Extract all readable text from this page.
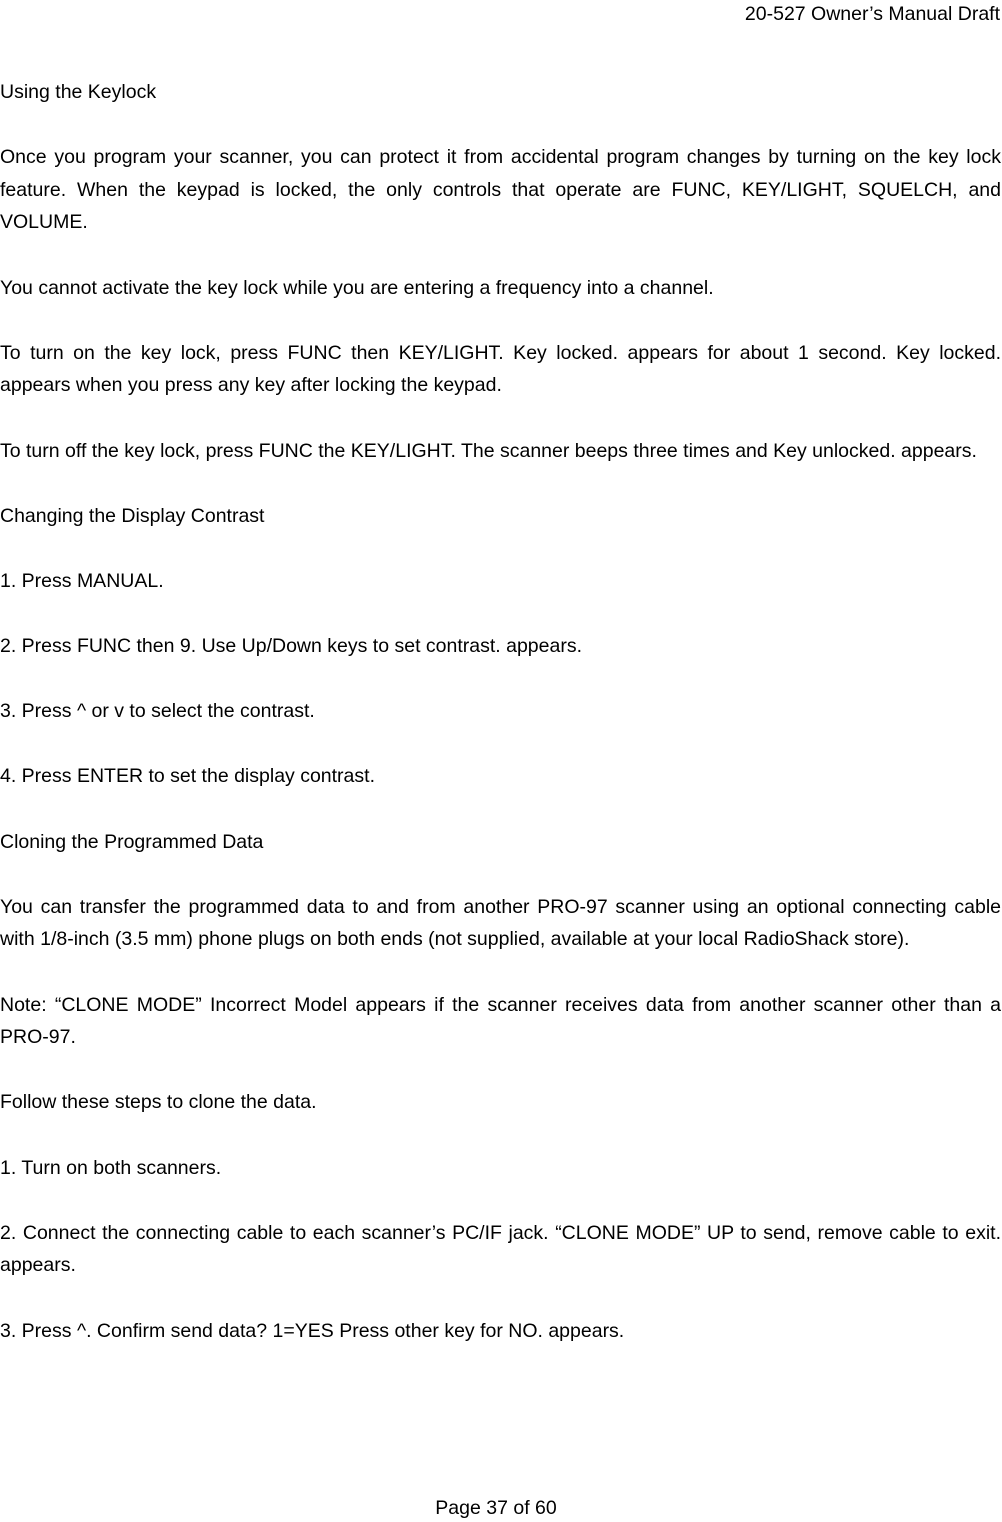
20-527 Owner’s Manual Draft
Using the Keylock

Once you program your scanner, you can protect it from accidental program changes by turning on the key lock feature. When the keypad is locked, the only controls that operate are FUNC, KEY/LIGHT, SQUELCH, and VOLUME.

You cannot activate the key lock while you are entering a frequency into a channel.

To turn on the key lock, press FUNC then KEY/LIGHT. Key locked. appears for about 1 second. Key locked. appears when you press any key after locking the keypad.

To turn off the key lock, press FUNC the KEY/LIGHT. The scanner beeps three times and Key unlocked. appears.

Changing the Display Contrast

1. Press MANUAL.

2. Press FUNC then 9. Use Up/Down keys to set contrast. appears.

3. Press ^ or v to select the contrast.

4. Press ENTER to set the display contrast.

Cloning the Programmed Data

You can transfer the programmed data to and from another PRO-97 scanner using an optional connecting cable with 1/8-inch (3.5 mm) phone plugs on both ends (not supplied, available at your local RadioShack store).

Note: “CLONE MODE” Incorrect Model appears if the scanner receives data from another scanner other than a PRO-97.

Follow these steps to clone the data.

1. Turn on both scanners.

2. Connect the connecting cable to each scanner’s PC/IF jack. “CLONE MODE” UP to send, remove cable to exit. appears.

3. Press ^. Confirm send data? 1=YES Press other key for NO. appears.

Page 37 of 60
